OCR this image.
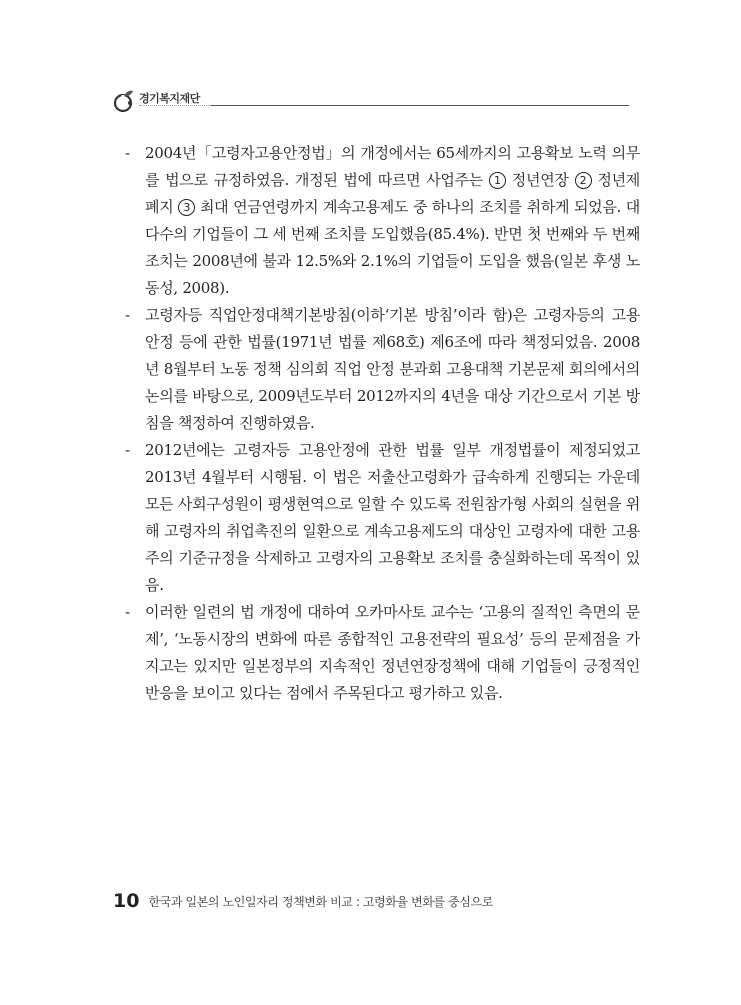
경기복지재단
- 2004년「고령자고용안정법」의 개정에서는 65세까지의 고용확보 노력 의무를 법으로 규정하였음. 개정된 법에 따르면 사업주는 1 정년연장 2 정년제 폐지 3 최대 연금연령까지 계속고용제도 중 하나의 조치를 취하게 되었음. 대다수의 기업들이 그 세 번째 조치를 도입했음(85.4%). 반면 첫 번째와 두 번째 조치는 2008년에 불과 12.5%와 2.1%의 기업들이 도입을 했음(일본 후생 노동성, 2008).
- 고령자등 직업안정대책기본방침(이하‘기본 방침’이라 함)은 고령자등의 고용안정 등에 관한 법률(1971년 법률 제68호) 제6조에 따라 책정되었음. 2008년 8월부터 노동 정책 심의회 직업 안정 분과회 고용대책 기본문제 회의에서의 논의를 바탕으로, 2009년도부터 2012까지의 4년을 대상 기간으로서 기본 방침을 책정하여 진행하였음.
- 2012년에는 고령자등 고용안정에 관한 법률 일부 개정법률이 제정되었고 2013년 4월부터 시행됨. 이 법은 저출산고령화가 급속하게 진행되는 가운데 모든 사회구성원이 평생현역으로 일할 수 있도록 전원참가형 사회의 실현을 위해 고령자의 취업촉진의 일환으로 계속고용제도의 대상인 고령자에 대한 고용주의 기준규정을 삭제하고 고령자의 고용확보 조치를 충실화하는데 목적이 있음.
- 이러한 일련의 법 개정에 대하여 오카마사토 교수는 ‘고용의 질적인 측면의 문제’, ‘노동시장의 변화에 따른 종합적인 고용전략의 필요성’ 등의 문제점을 가지고는 있지만 일본정부의 지속적인 정년연장정책에 대해 기업들이 긍정적인 반응을 보이고 있다는 점에서 주목된다고 평가하고 있음.
10 한국과 일본의 노인일자리 정책변화 비교 : 고령화율 변화를 중심으로
